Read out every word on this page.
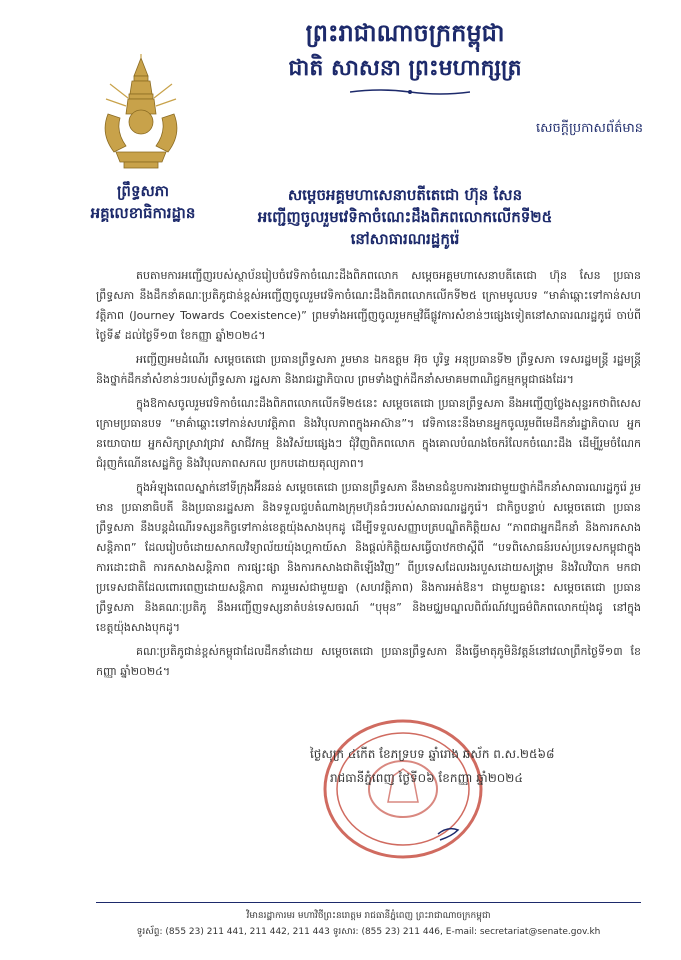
ព្រះរាជាណាចក្រកម្ពុជា
ជាតិ សាសនា ព្រះមហាក្សត្រ
សេចក្តីប្រកាសព័ត៌មាន
ព្រឹទ្ធសភា
អគ្គលេខាធិការដ្ឋាន
សម្តេចអគ្គមហាសេនាបតីតេជោ ហ៊ុន សែន
អញ្ជើញចូលរួមវេទិកាចំណេះដឹងពិភពលោកលើកទី២៥
នៅសាធារណរដ្ឋកូរ៉េ

តបតាមការអញ្ជើញរបស់ស្ថាប័នរៀបចំវេទិកាចំណេះដឹងពិភពលោក សម្តេចអគ្គមហាសេនាបតីតេជោ ហ៊ុន សែន ប្រធានព្រឹទ្ធសភា នឹងដឹកនាំគណៈប្រតិភូជាន់ខ្ពស់អញ្ជើញចូលរួមវេទិកាចំណេះដឹងពិភពលោកលើកទី២៥ ក្រោមមូលបទ “មាគ៌ាឆ្ពោះទៅកាន់សហវត្តិភាព (Journey Towards Coexistence)” ព្រមទាំងអញ្ជើញចូលរួមកម្មវិធីផ្លូវការសំខាន់ៗផ្សេងទៀតនៅសាធារណរដ្ឋកូរ៉េ ចាប់ពីថ្ងៃទី៩ ដល់ថ្ងៃទី១៣ ខែកញ្ញា ឆ្នាំ២០២៤។

អញ្ជើញអមដំណើរ សម្តេចតេជោ ប្រធានព្រឹទ្ធសភា រួមមាន ឯកឧត្តម អ៊ុច បូរិទ្ធ អនុប្រធានទី២ ព្រឹទ្ធសភា ទេសរដ្ឋមន្ត្រី រដ្ឋមន្ត្រី និងថ្នាក់ដឹកនាំសំខាន់ៗរបស់ព្រឹទ្ធសភា រដ្ឋសភា និងរាជរដ្ឋាភិបាល ព្រមទាំងថ្នាក់ដឹកនាំសមាគមពាណិជ្ជកម្មកម្ពុជាផងដែរ។

ក្នុងឱកាសចូលរួមវេទិកាចំណេះដឹងពិភពលោកលើកទី២៥នេះ សម្តេចតេជោ ប្រធានព្រឹទ្ធសភា នឹងអញ្ជើញថ្លែងសុន្ទរកថាពិសេស ក្រោមប្រធានបទ “មាគ៌ាឆ្ពោះទៅកាន់សហវត្តិភាព និងវិបុលភាពក្នុងអាស៊ាន”។ វេទិកានេះនឹងមានអ្នកចូលរួមពីមេដឹកនាំរដ្ឋាភិបាល អ្នកនយោបាយ អ្នកសិក្សាស្រាវជ្រាវ សាជីវកម្ម និងវិស័យផ្សេងៗ ជុំវិញពិភពលោក ក្នុងគោលបំណងចែករំលែកចំណេះដឹង ដើម្បីរួមចំណែកជំរុញកំណើនសេដ្ឋកិច្ច និងវិបុលភាពសកល ប្រកបដោយតុល្យភាព។

ក្នុងអំឡុងពេលស្នាក់នៅទីក្រុងអ៊ីនឆន់ សម្តេចតេជោ ប្រធានព្រឹទ្ធសភា នឹងមានជំនួបការងារជាមួយថ្នាក់ដឹកនាំសាធារណរដ្ឋកូរ៉េ រួមមាន ប្រធានាធិបតី និងប្រធានរដ្ឋសភា និងទទួលជួបតំណាងក្រុមហ៊ុនធំៗរបស់សាធារណរដ្ឋកូរ៉េ។ ជាកិច្ចបន្ទាប់ សម្តេចតេជោ ប្រធានព្រឹទ្ធសភា នឹងបន្តដំណើរទស្សនកិច្ចទៅកាន់ខេត្តយ៉ុងសាងបុកដូ ដើម្បីទទួលសញ្ញាបត្របណ្ឌិតកិត្តិយស “ភាពជាអ្នកដឹកនាំ និងការកសាងសន្តិភាព” ដែលរៀបចំដោយសាកលវិទ្យាល័យយ៉ុងហ្គកាយ៍សា និងផ្តល់កិត្តិយសធ្វើបាឋកថាស្តីពី “បទពិសោធន៍របស់ប្រទេសកម្ពុជាក្នុងការដោះជាតិ ការកសាងសន្តិភាព ការផ្សះផ្សា និងការកសាងជាតិឡើងវិញ” ពីប្រទេសដែលរងរបួសដោយសង្គ្រាម និងវិលវិបាក មកជាប្រទេសជាតិដែលពោរពេញដោយសន្តិភាព ការរួមរស់ជាមួយគ្នា (សហវត្តិភាព) និងការអត់ឱន។ ជាមួយគ្នានេះ សម្តេចតេជោ ប្រធានព្រឹទ្ធសភា និងគណៈប្រតិភូ នឹងអញ្ជើញទស្សនាតំបន់ទេសចរណ៍ “បុមុន” និងមជ្ឈមណ្ឌលពិព័រណ៍វប្បធម៌ពិភពលោកយ៉ុងជូ នៅក្នុងខេត្តយ៉ុងសាងបុកដូ។

គណៈប្រតិភូជាន់ខ្ពស់កម្ពុជាដែលដឹកនាំដោយ សម្តេចតេជោ ប្រធានព្រឹទ្ធសភា នឹងធ្វើមាតុភូមិនិវត្តន៍នៅវេលាព្រឹកថ្ងៃទី១៣ ខែកញ្ញា ឆ្នាំ២០២៤។

ថ្ងៃសុក្រ ៤កើត ខែភទ្របទ ឆ្នាំរោង ឆស័ក ព.ស.២៥៦៨
រាជធានីភ្នំពេញ ថ្ងៃទី០៦ ខែកញ្ញា ឆ្នាំ២០២៤
វិមានរដ្ឋាការមរ មហាវិថីព្រះនរោត្តម រាជធានីភ្នំពេញ ព្រះរាជាណាចក្រកម្ពុជា
ទូរស័ព្ទ: (855 23) 211 441, 211 442, 211 443 ទូរសារ: (855 23) 211 446, E-mail: secretariat@senate.gov.kh
